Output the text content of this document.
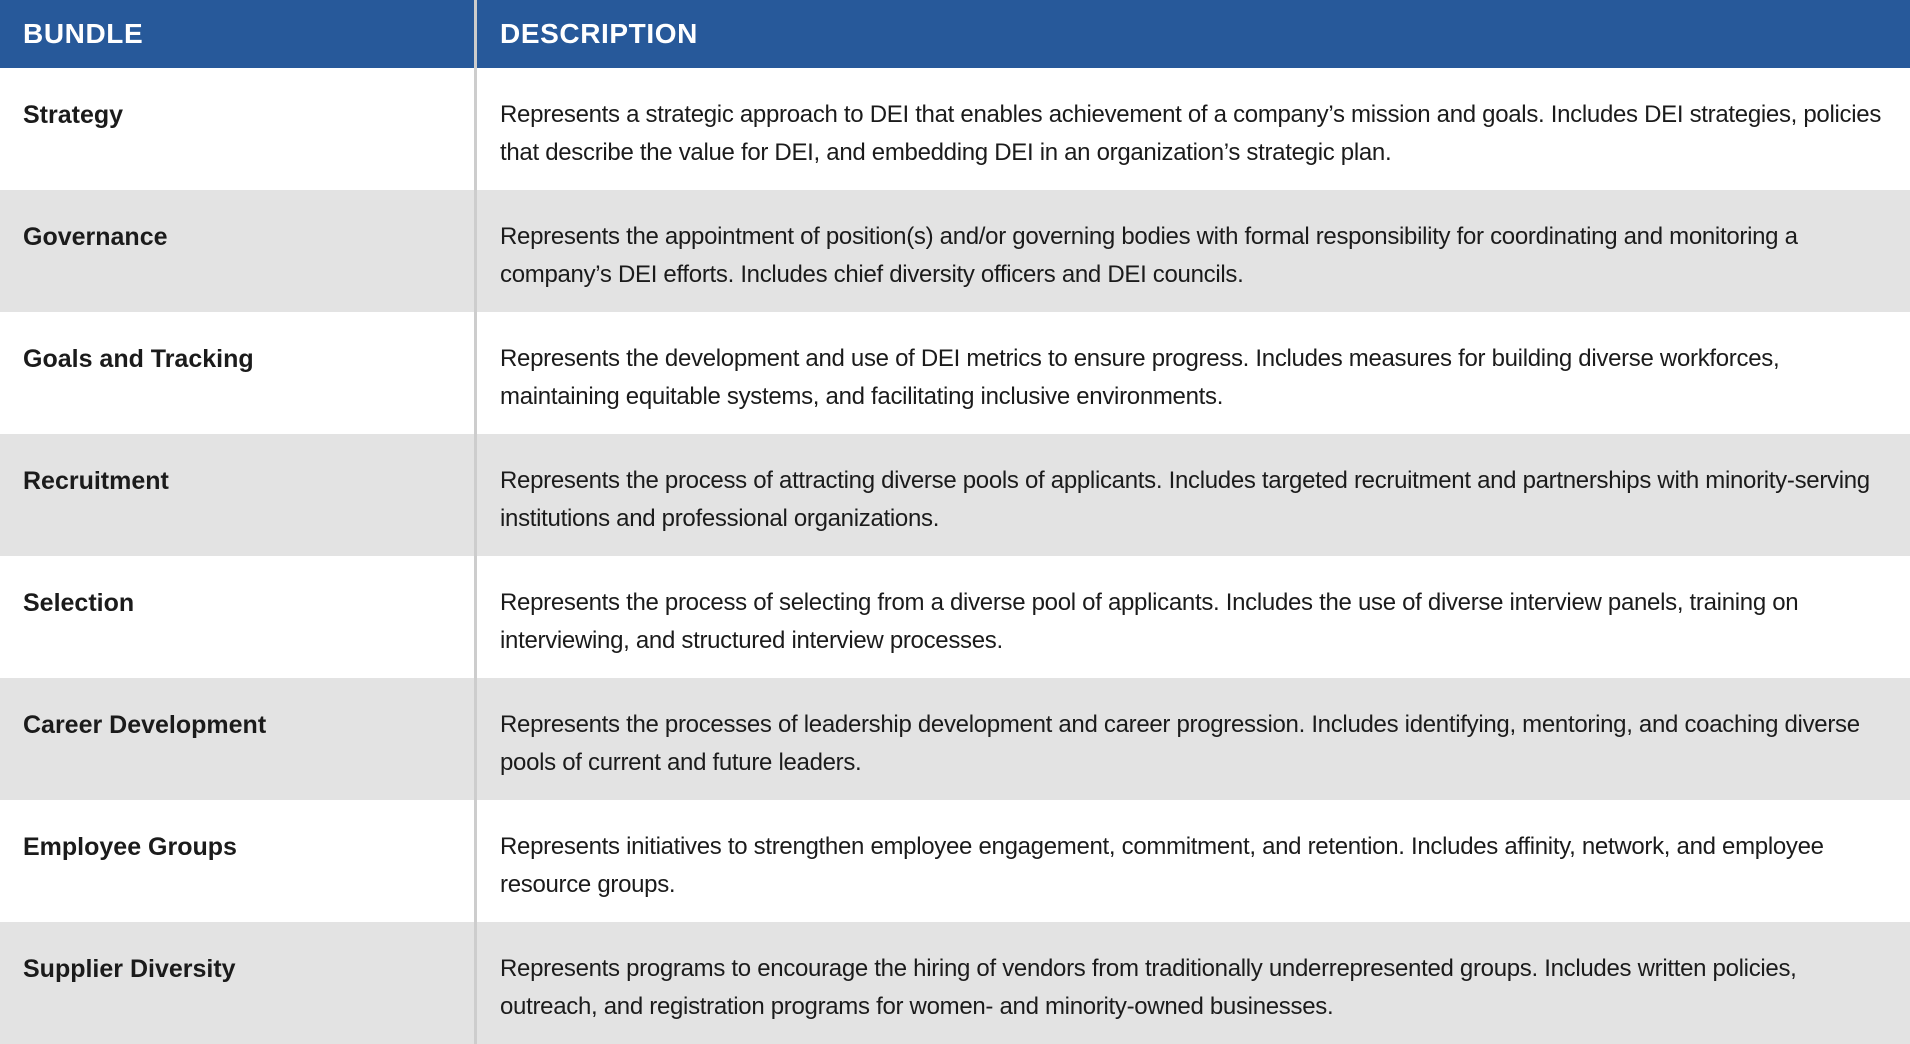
BUNDLE	DESCRIPTION
Strategy	Represents a strategic approach to DEI that enables achievement of a company’s mission and goals. Includes DEI strategies, policies that describe the value for DEI, and embedding DEI in an organization’s strategic plan.
Governance	Represents the appointment of position(s) and/or governing bodies with formal responsibility for coordinating and monitoring a company’s DEI efforts. Includes chief diversity officers and DEI councils.
Goals and Tracking	Represents the development and use of DEI metrics to ensure progress. Includes measures for building diverse workforces, maintaining equitable systems, and facilitating inclusive environments.
Recruitment	Represents the process of attracting diverse pools of applicants. Includes targeted recruitment and partnerships with minority-serving institutions and professional organizations.
Selection	Represents the process of selecting from a diverse pool of applicants. Includes the use of diverse interview panels, training on interviewing, and structured interview processes.
Career Development	Represents the processes of leadership development and career progression. Includes identifying, mentoring, and coaching diverse pools of current and future leaders.
Employee Groups	Represents initiatives to strengthen employee engagement, commitment, and retention. Includes affinity, network, and employee resource groups.
Supplier Diversity	Represents programs to encourage the hiring of vendors from traditionally underrepresented groups. Includes written policies, outreach, and registration programs for women- and minority-owned businesses.
